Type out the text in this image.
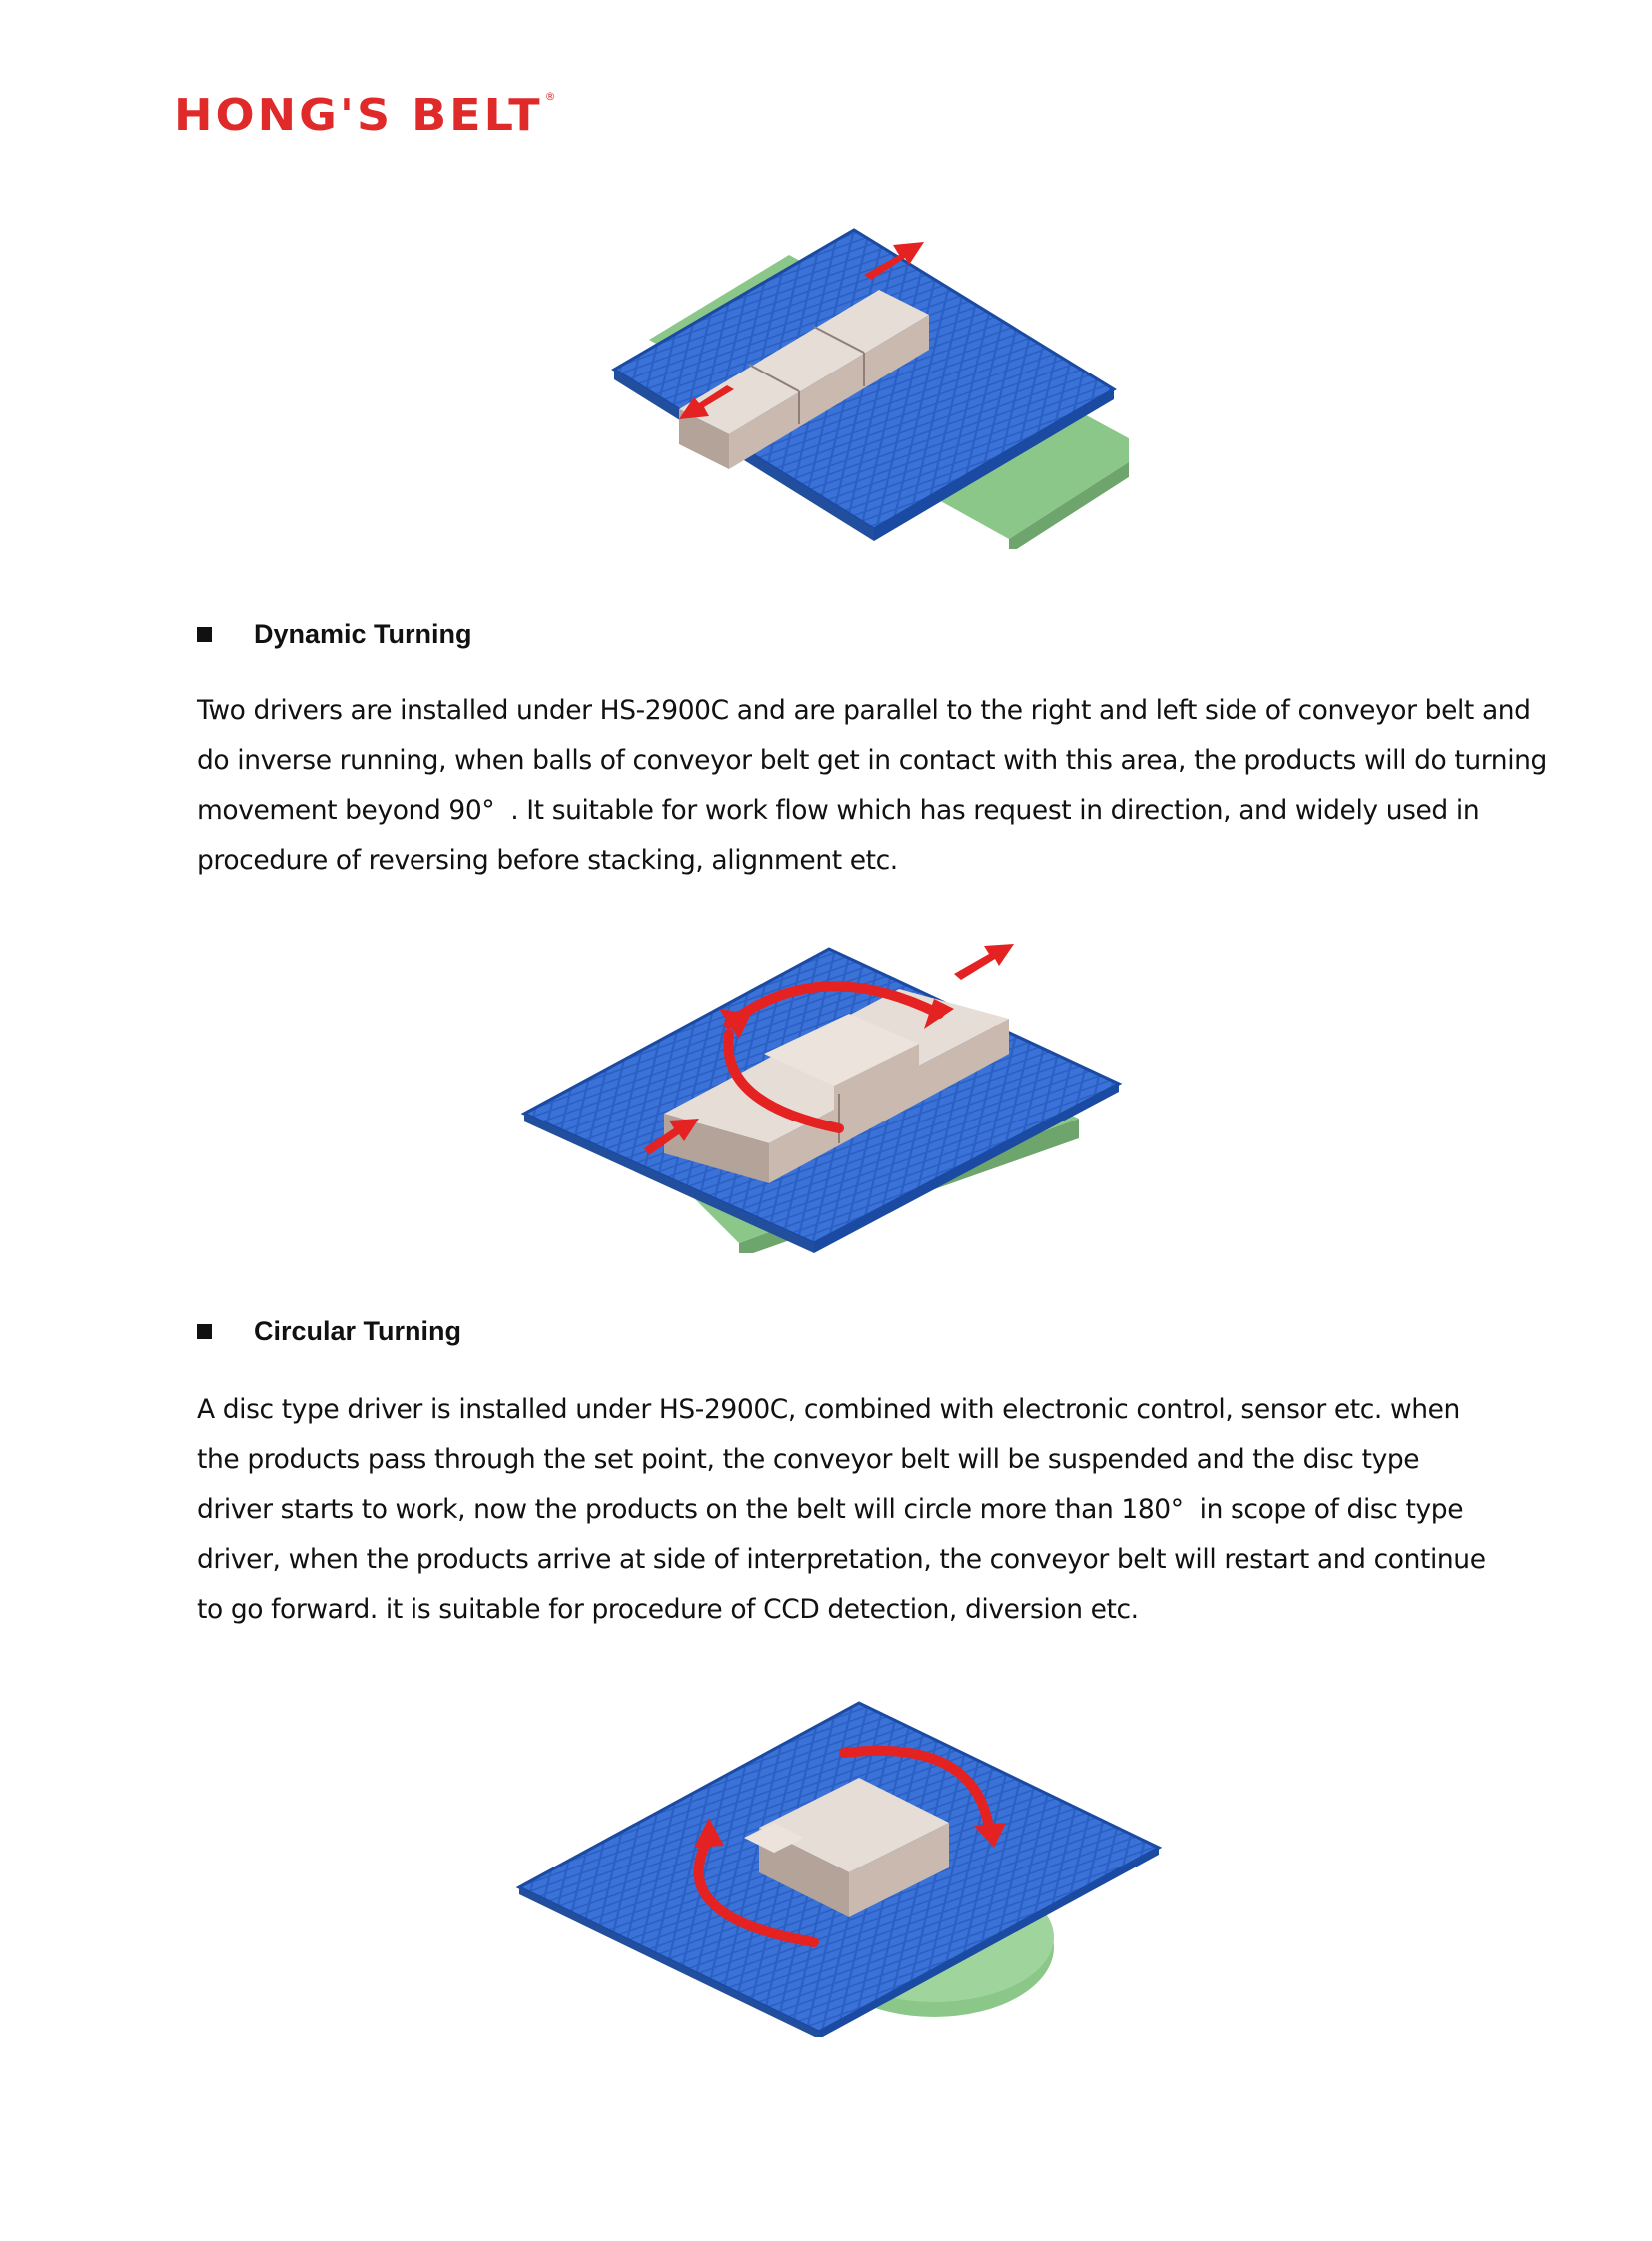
HONG'S BELT ®
Dynamic Turning

Two drivers are installed under HS-2900C and are parallel to the right and left side of conveyor belt and
do inverse running, when balls of conveyor belt get in contact with this area, the products will do turning
movement beyond 90°  . It suitable for work flow which has request in direction, and widely used in
procedure of reversing before stacking, alignment etc.

Circular Turning

A disc type driver is installed under HS-2900C, combined with electronic control, sensor etc. when
the products pass through the set point, the conveyor belt will be suspended and the disc type
driver starts to work, now the products on the belt will circle more than 180°  in scope of disc type
driver, when the products arrive at side of interpretation, the conveyor belt will restart and continue
to go forward. it is suitable for procedure of CCD detection, diversion etc.
